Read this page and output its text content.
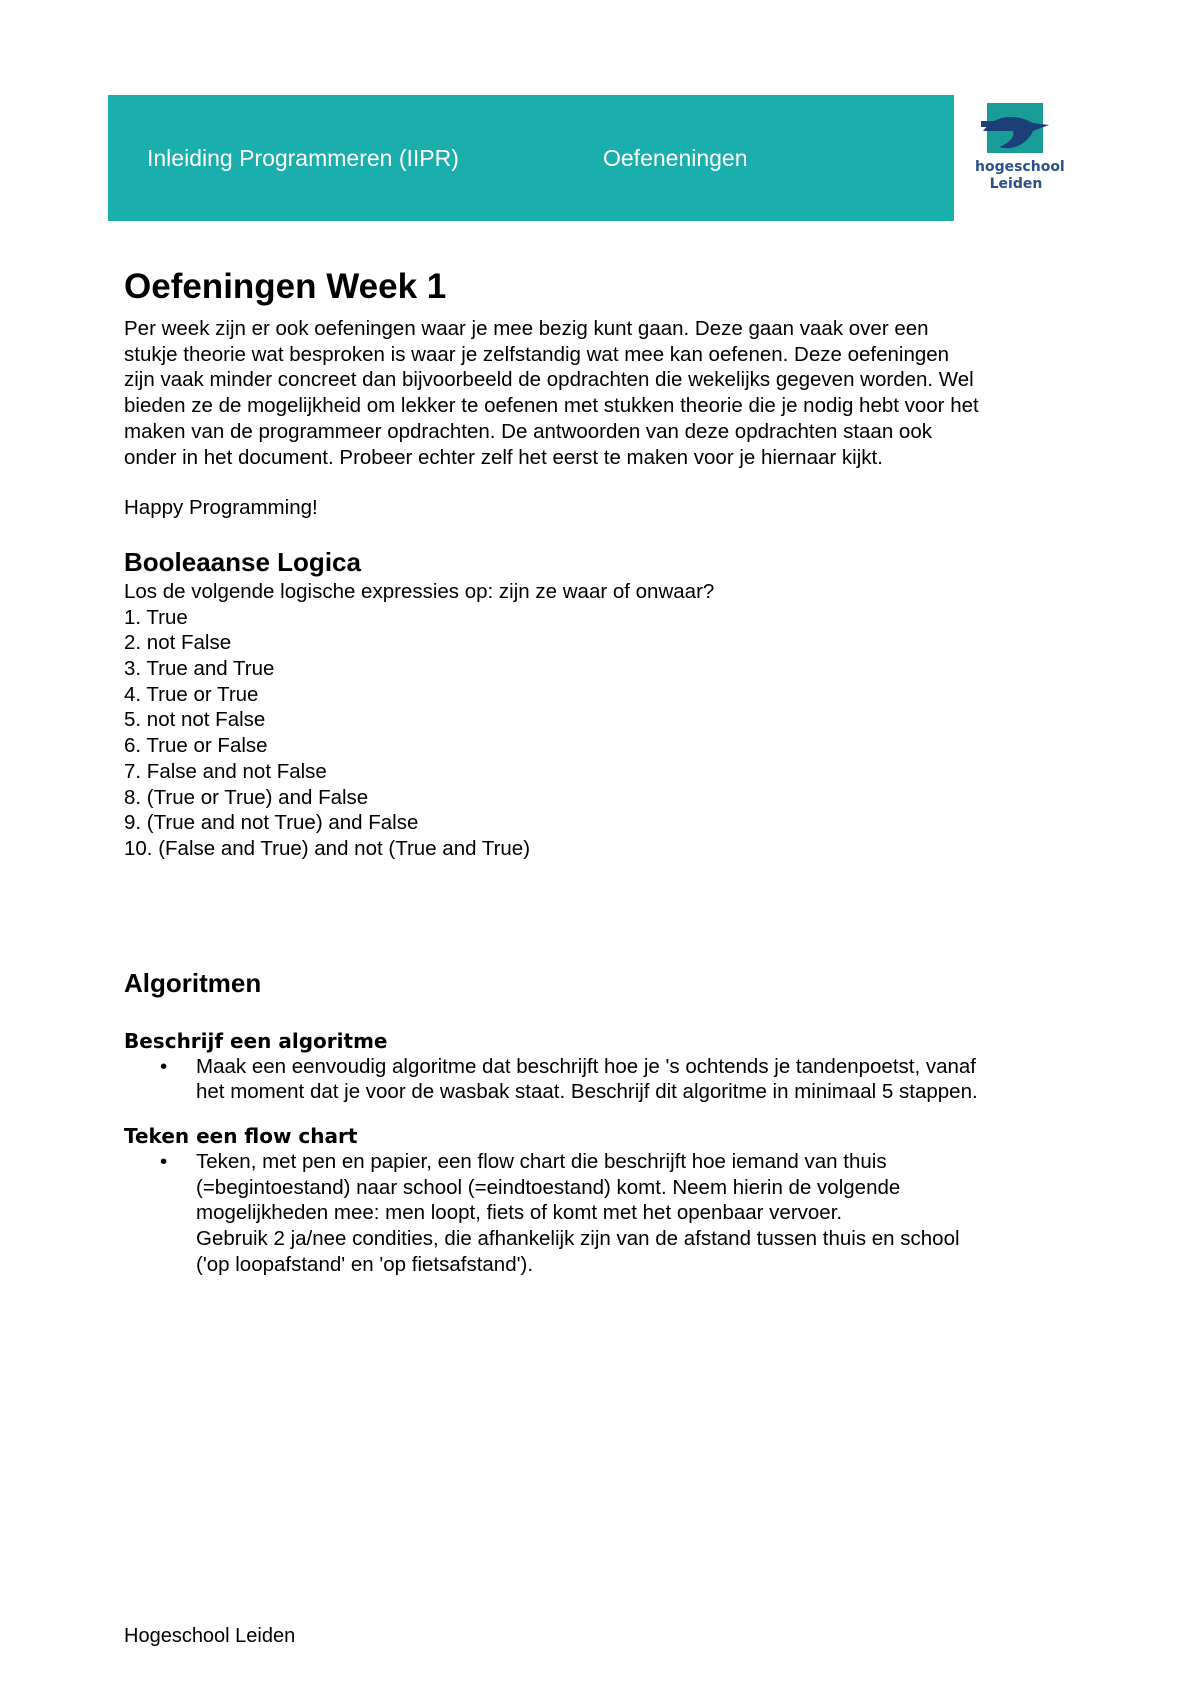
Inleiding Programmeren (IIPR)	Oefeneningen	hogeschool
Leiden
Oefeningen Week 1

Per week zijn er ook oefeningen waar je mee bezig kunt gaan. Deze gaan vaak over een

stukje theorie wat besproken is waar je zelfstandig wat mee kan oefenen. Deze oefeningen

zijn vaak minder concreet dan bijvoorbeeld de opdrachten die wekelijks gegeven worden. Wel

bieden ze de mogelijkheid om lekker te oefenen met stukken theorie die je nodig hebt voor het

maken van de programmeer opdrachten. De antwoorden van deze opdrachten staan ook

onder in het document. Probeer echter zelf het eerst te maken voor je hiernaar kijkt.

Happy Programming!

Booleaanse Logica

Los de volgende logische expressies op: zijn ze waar of onwaar?

1. True
2. not False
3. True and True
4. True or True
5. not not False
6. True or False
7. False and not False
8. (True or True) and False
9. (True and not True) and False
10. (False and True) and not (True and True)
Algoritmen
Beschrijf een algoritme
• Maak een eenvoudig algoritme dat beschrijft hoe je 's ochtends je tandenpoetst, vanaf

het moment dat je voor de wasbak staat. Beschrijf dit algoritme in minimaal 5 stappen.

Teken een flow chart
• Teken, met pen en papier, een flow chart die beschrijft hoe iemand van thuis

(=begintoestand) naar school (=eindtoestand) komt. Neem hierin de volgende

mogelijkheden mee: men loopt, fiets of komt met het openbaar vervoer.

Gebruik 2 ja/nee condities, die afhankelijk zijn van de afstand tussen thuis en school

('op loopafstand' en 'op fietsafstand').

Hogeschool Leiden
